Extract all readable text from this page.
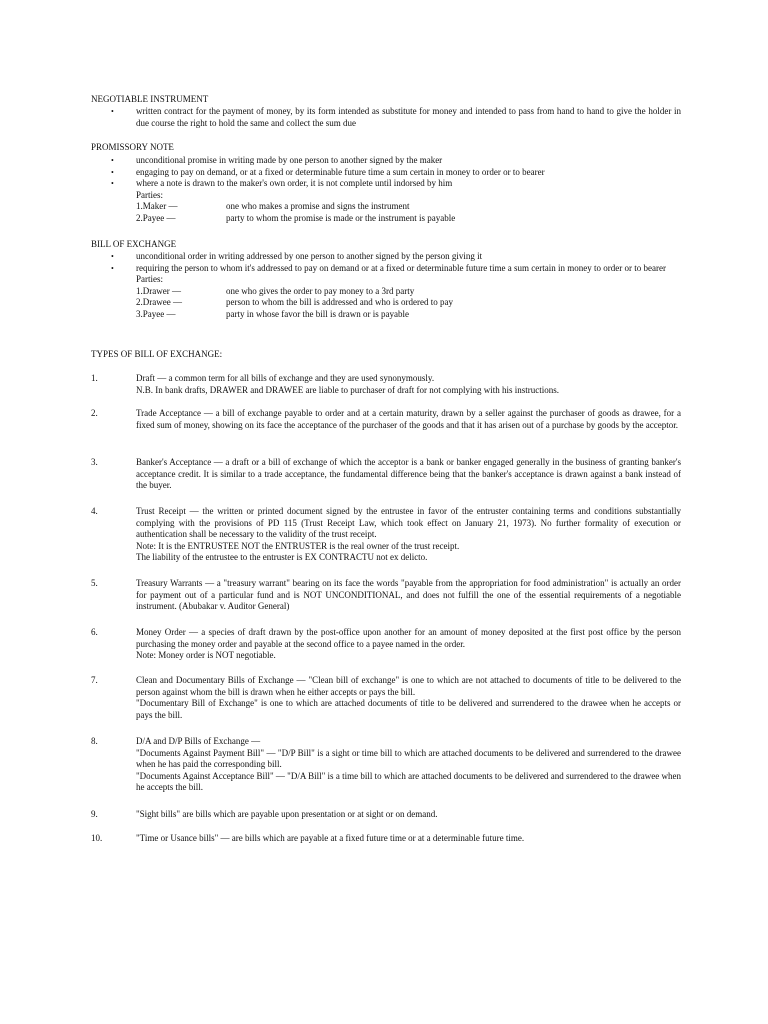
NEGOTIABLE INSTRUMENT
• written contract for the payment of money, by its form intended as substitute for money and intended to pass from hand to hand to give the holder in due course the right to hold the same and collect the sum due
PROMISSORY NOTE
• unconditional promise in writing made by one person to another signed by the maker
• engaging to pay on demand, or at a fixed or determinable future time a sum certain in money to order or to bearer
• where a note is drawn to the maker's own order, it is not complete until indorsed by him
Parties:
1.Maker —	one who makes a promise and signs the instrument
2.Payee —	party to whom the promise is made or the instrument is payable
BILL OF EXCHANGE
• unconditional order in writing addressed by one person to another signed by the person giving it
• requiring the person to whom it's addressed to pay on demand or at a fixed or determinable future time a sum certain in money to order or to bearer
Parties:
1.Drawer —	one who gives the order to pay money to a 3rd party
2.Drawee —	person to whom the bill is addressed and who is ordered to pay
3.Payee —	party in whose favor the bill is drawn or is payable
TYPES OF BILL OF EXCHANGE:
1.	Draft — a common term for all bills of exchange and they are used synonymously.
N.B. In bank drafts, DRAWER and DRAWEE are liable to purchaser of draft for not complying with his instructions.
2.	Trade Acceptance — a bill of exchange payable to order and at a certain maturity, drawn by a seller against the purchaser of goods as drawee, for a fixed sum of money, showing on its face the acceptance of the purchaser of the goods and that it has arisen out of a purchase by goods by the acceptor.
3.	Banker's Acceptance — a draft or a bill of exchange of which the acceptor is a bank or banker engaged generally in the business of granting banker's acceptance credit. It is similar to a trade acceptance, the fundamental difference being that the banker's acceptance is drawn against a bank instead of the buyer.
4.	Trust Receipt — the written or printed document signed by the entrustee in favor of the entruster containing terms and conditions substantially complying with the provisions of PD 115 (Trust Receipt Law, which took effect on January 21, 1973). No further formality of execution or authentication shall be necessary to the validity of the trust receipt.
Note: It is the ENTRUSTEE NOT the ENTRUSTER is the real owner of the trust receipt.
The liability of the entrustee to the entruster is EX CONTRACTU not ex delicto.
5.	Treasury Warrants — a "treasury warrant" bearing on its face the words "payable from the appropriation for food administration" is actually an order for payment out of a particular fund and is NOT UNCONDITIONAL, and does not fulfill the one of the essential requirements of a negotiable instrument. (Abubakar v. Auditor General)
6.	Money Order — a species of draft drawn by the post-office upon another for an amount of money deposited at the first post office by the person purchasing the money order and payable at the second office to a payee named in the order.
Note: Money order is NOT negotiable.
7.	Clean and Documentary Bills of Exchange — "Clean bill of exchange" is one to which are not attached to documents of title to be delivered to the person against whom the bill is drawn when he either accepts or pays the bill.
"Documentary Bill of Exchange" is one to which are attached documents of title to be delivered and surrendered to the drawee when he accepts or pays the bill.
8.	D/A and D/P Bills of Exchange —
"Documents Against Payment Bill" — "D/P Bill" is a sight or time bill to which are attached documents to be delivered and surrendered to the drawee when he has paid the corresponding bill.
"Documents Against Acceptance Bill" — "D/A Bill" is a time bill to which are attached documents to be delivered and surrendered to the drawee when he accepts the bill.
9.	"Sight bills" are bills which are payable upon presentation or at sight or on demand.
10.	"Time or Usance bills" — are bills which are payable at a fixed future time or at a determinable future time.
